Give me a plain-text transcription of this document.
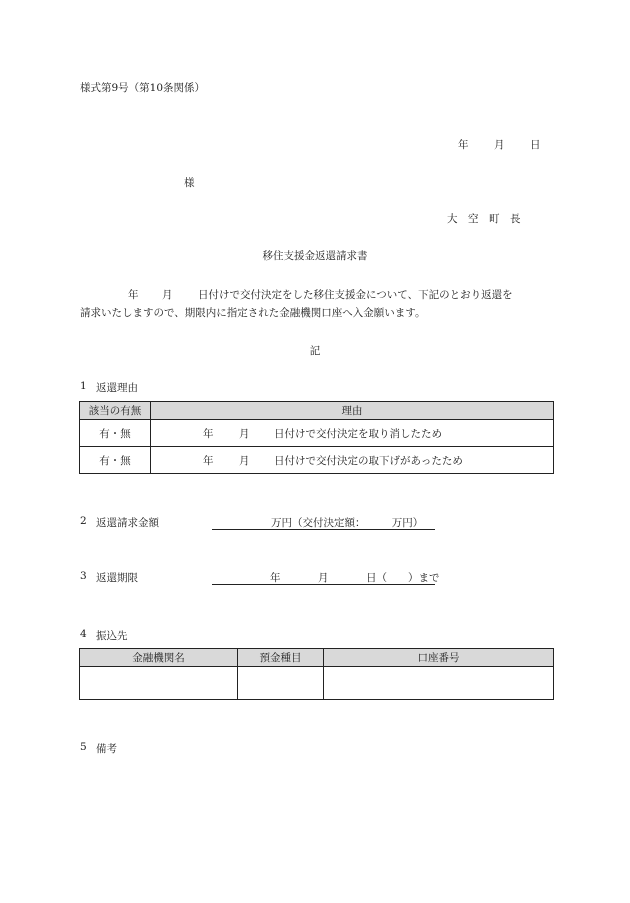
様式第9号（第10条関係）
年 月 日
様
大　空　町　長
移住支援金返還請求書
年 月 日付けで交付決定をした移住支援金について、下記のとおり返還を
請求いたしますので、期限内に指定された金融機関口座へ入金願います。
記
1 返還理由
該当の有無	理由
有・無	年 月 日付けで交付決定を取り消したため

有・無	年 月 日付けで交付決定の取下げがあったため
2 返還請求金額	万円（交付決定額：　　　万円）
3 返還期限	年	月	日（　　）まで
4 振込先
金融機関名	預金種目	口座番号

5 備考
